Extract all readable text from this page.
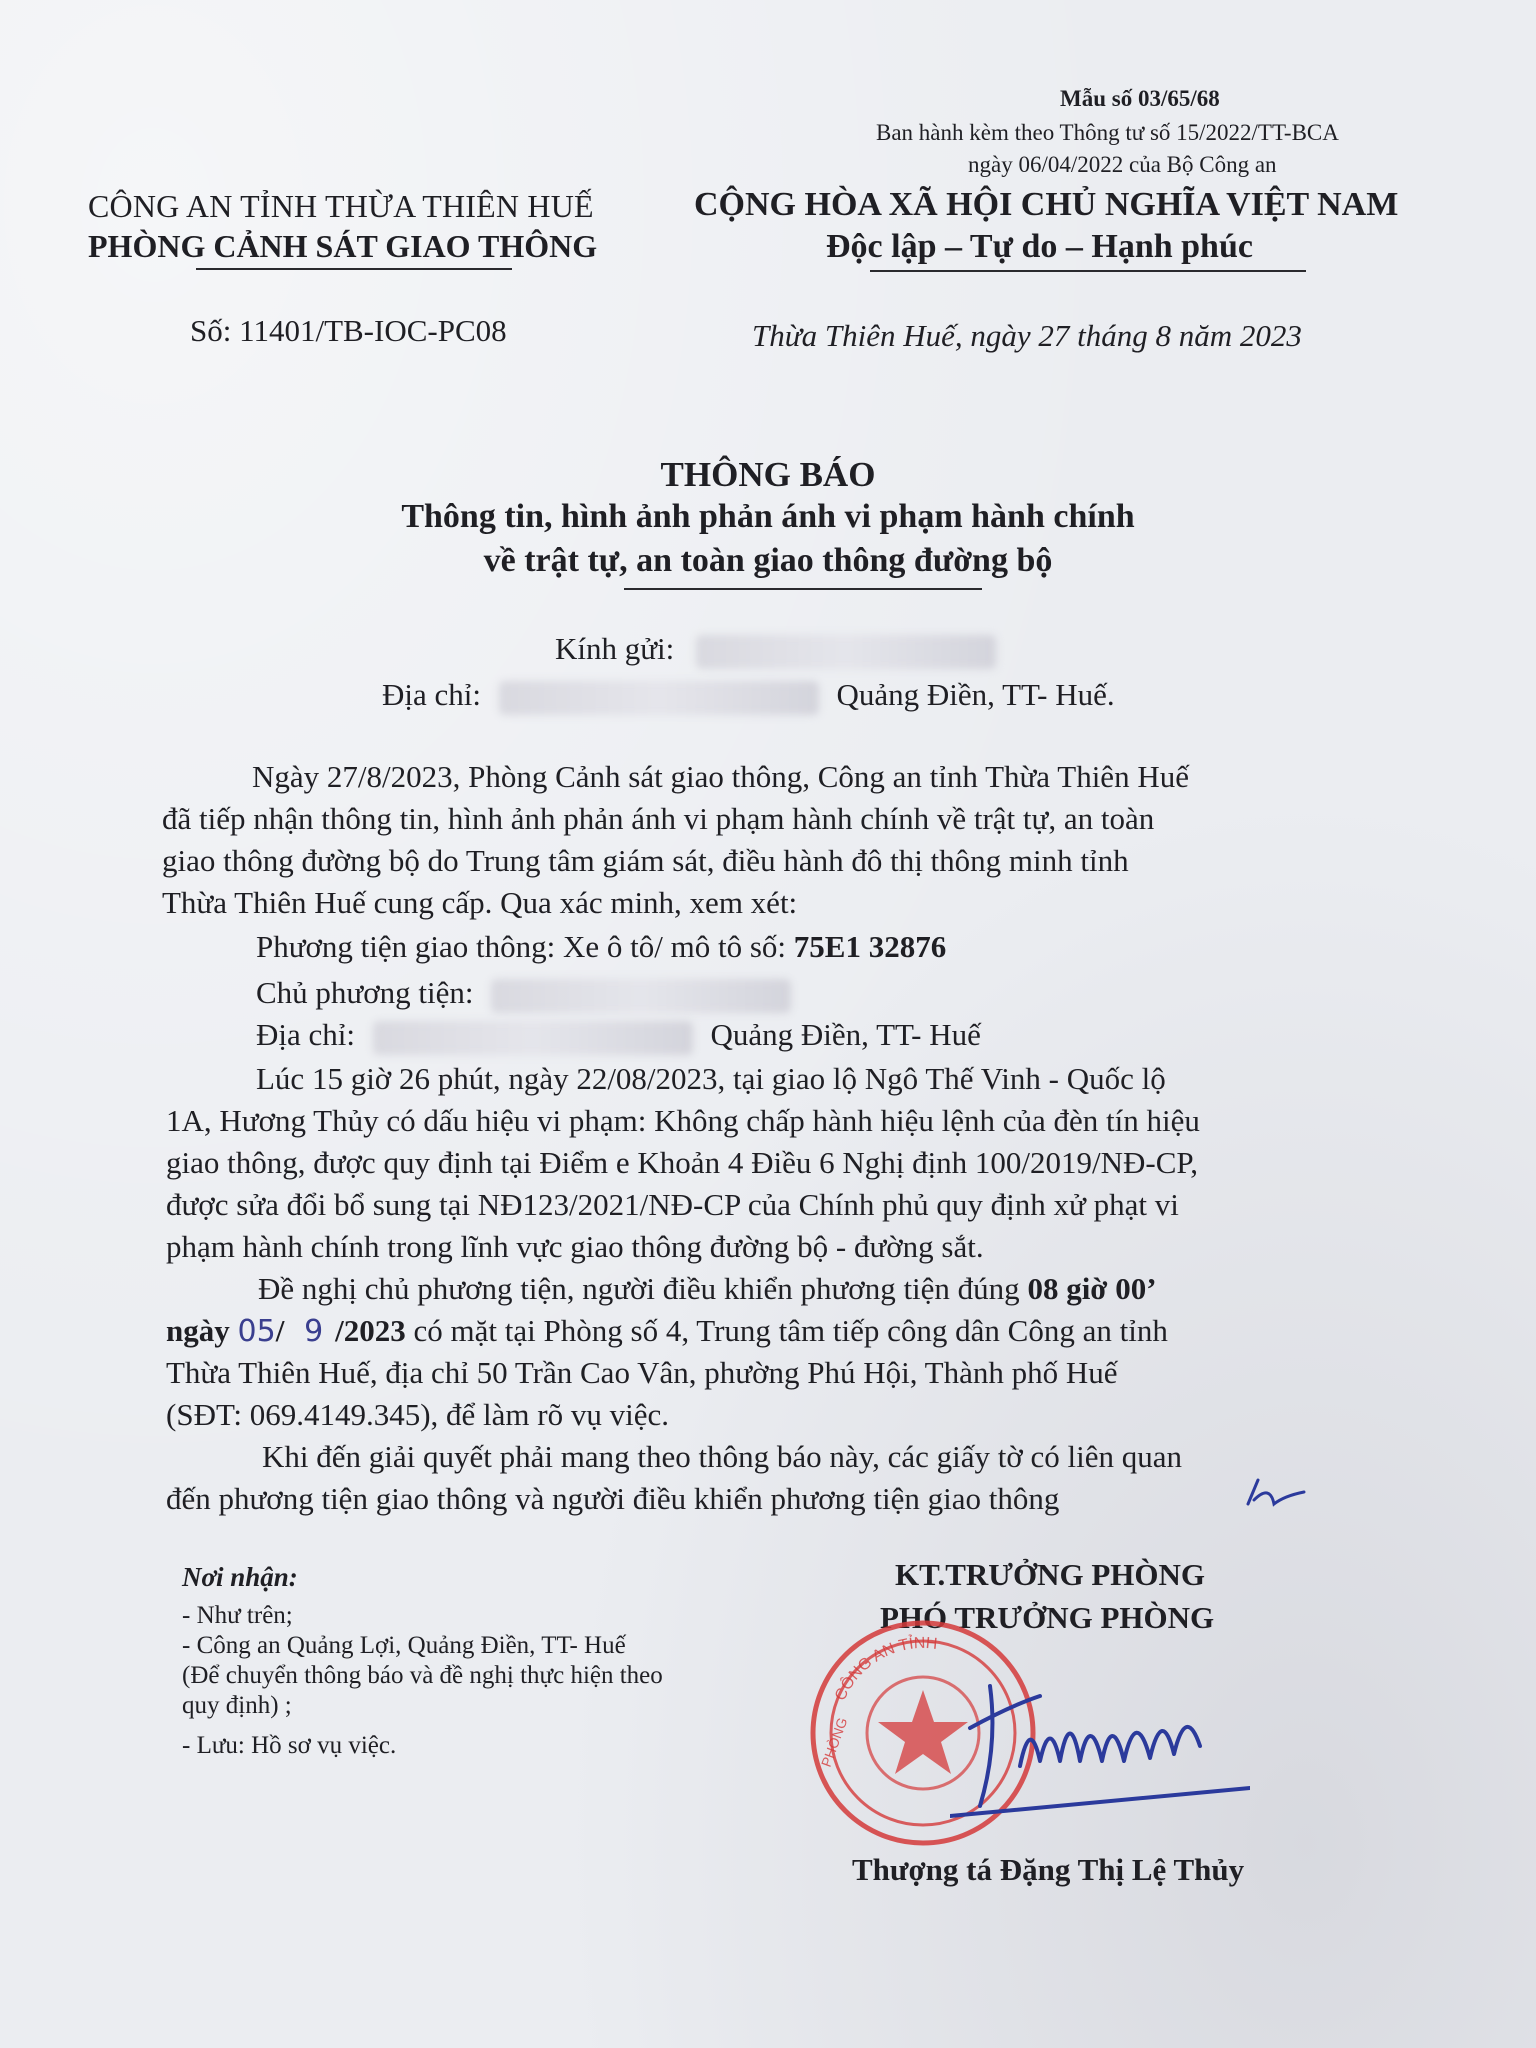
Mẫu số 03/65/68
Ban hành kèm theo Thông tư số 15/2022/TT-BCA
ngày 06/04/2022 của Bộ Công an
CÔNG AN TỈNH THỪA THIÊN HUẾ
PHÒNG CẢNH SÁT GIAO THÔNG
CỘNG HÒA XÃ HỘI CHỦ NGHĨA VIỆT NAM
Độc lập – Tự do – Hạnh phúc
Số: 11401/TB-IOC-PC08	Thừa Thiên Huế, ngày 27 tháng 8 năm 2023
THÔNG BÁO
Thông tin, hình ảnh phản ánh vi phạm hành chính
về trật tự, an toàn giao thông đường bộ
Kính gửi:
Địa chỉ:	Quảng Điền, TT- Huế.
Ngày 27/8/2023, Phòng Cảnh sát giao thông, Công an tỉnh Thừa Thiên Huế
đã tiếp nhận thông tin, hình ảnh phản ánh vi phạm hành chính về trật tự, an toàn
giao thông đường bộ do Trung tâm giám sát, điều hành đô thị thông minh tỉnh
Thừa Thiên Huế cung cấp. Qua xác minh, xem xét:
Phương tiện giao thông: Xe ô tô/ mô tô số: 75E1 32876
Chủ phương tiện:
Địa chỉ:	Quảng Điền, TT- Huế
Lúc 15 giờ 26 phút, ngày 22/08/2023, tại giao lộ Ngô Thế Vinh - Quốc lộ
1A, Hương Thủy có dấu hiệu vi phạm: Không chấp hành hiệu lệnh của đèn tín hiệu
giao thông, được quy định tại Điểm e Khoản 4 Điều 6 Nghị định 100/2019/NĐ-CP,
được sửa đổi bổ sung tại NĐ123/2021/NĐ-CP của Chính phủ quy định xử phạt vi
phạm hành chính trong lĩnh vực giao thông đường bộ - đường sắt.
Đề nghị chủ phương tiện, người điều khiển phương tiện đúng 08 giờ 00’
ngày 05/ 9 /2023 có mặt tại Phòng số 4, Trung tâm tiếp công dân Công an tỉnh
Thừa Thiên Huế, địa chỉ 50 Trần Cao Vân, phường Phú Hội, Thành phố Huế
(SĐT: 069.4149.345), để làm rõ vụ việc.
Khi đến giải quyết phải mang theo thông báo này, các giấy tờ có liên quan
đến phương tiện giao thông và người điều khiển phương tiện giao thông
Nơi nhận:
- Như trên;
- Công an Quảng Lợi, Quảng Điền, TT- Huế
(Để chuyển thông báo và đề nghị thực hiện theo
quy định) ;
- Lưu: Hồ sơ vụ việc.
KT.TRƯỞNG PHÒNG
PHÓ TRƯỞNG PHÒNG
CÔNG AN TỈNH
PHÒNG
Thượng tá Đặng Thị Lệ Thủy
